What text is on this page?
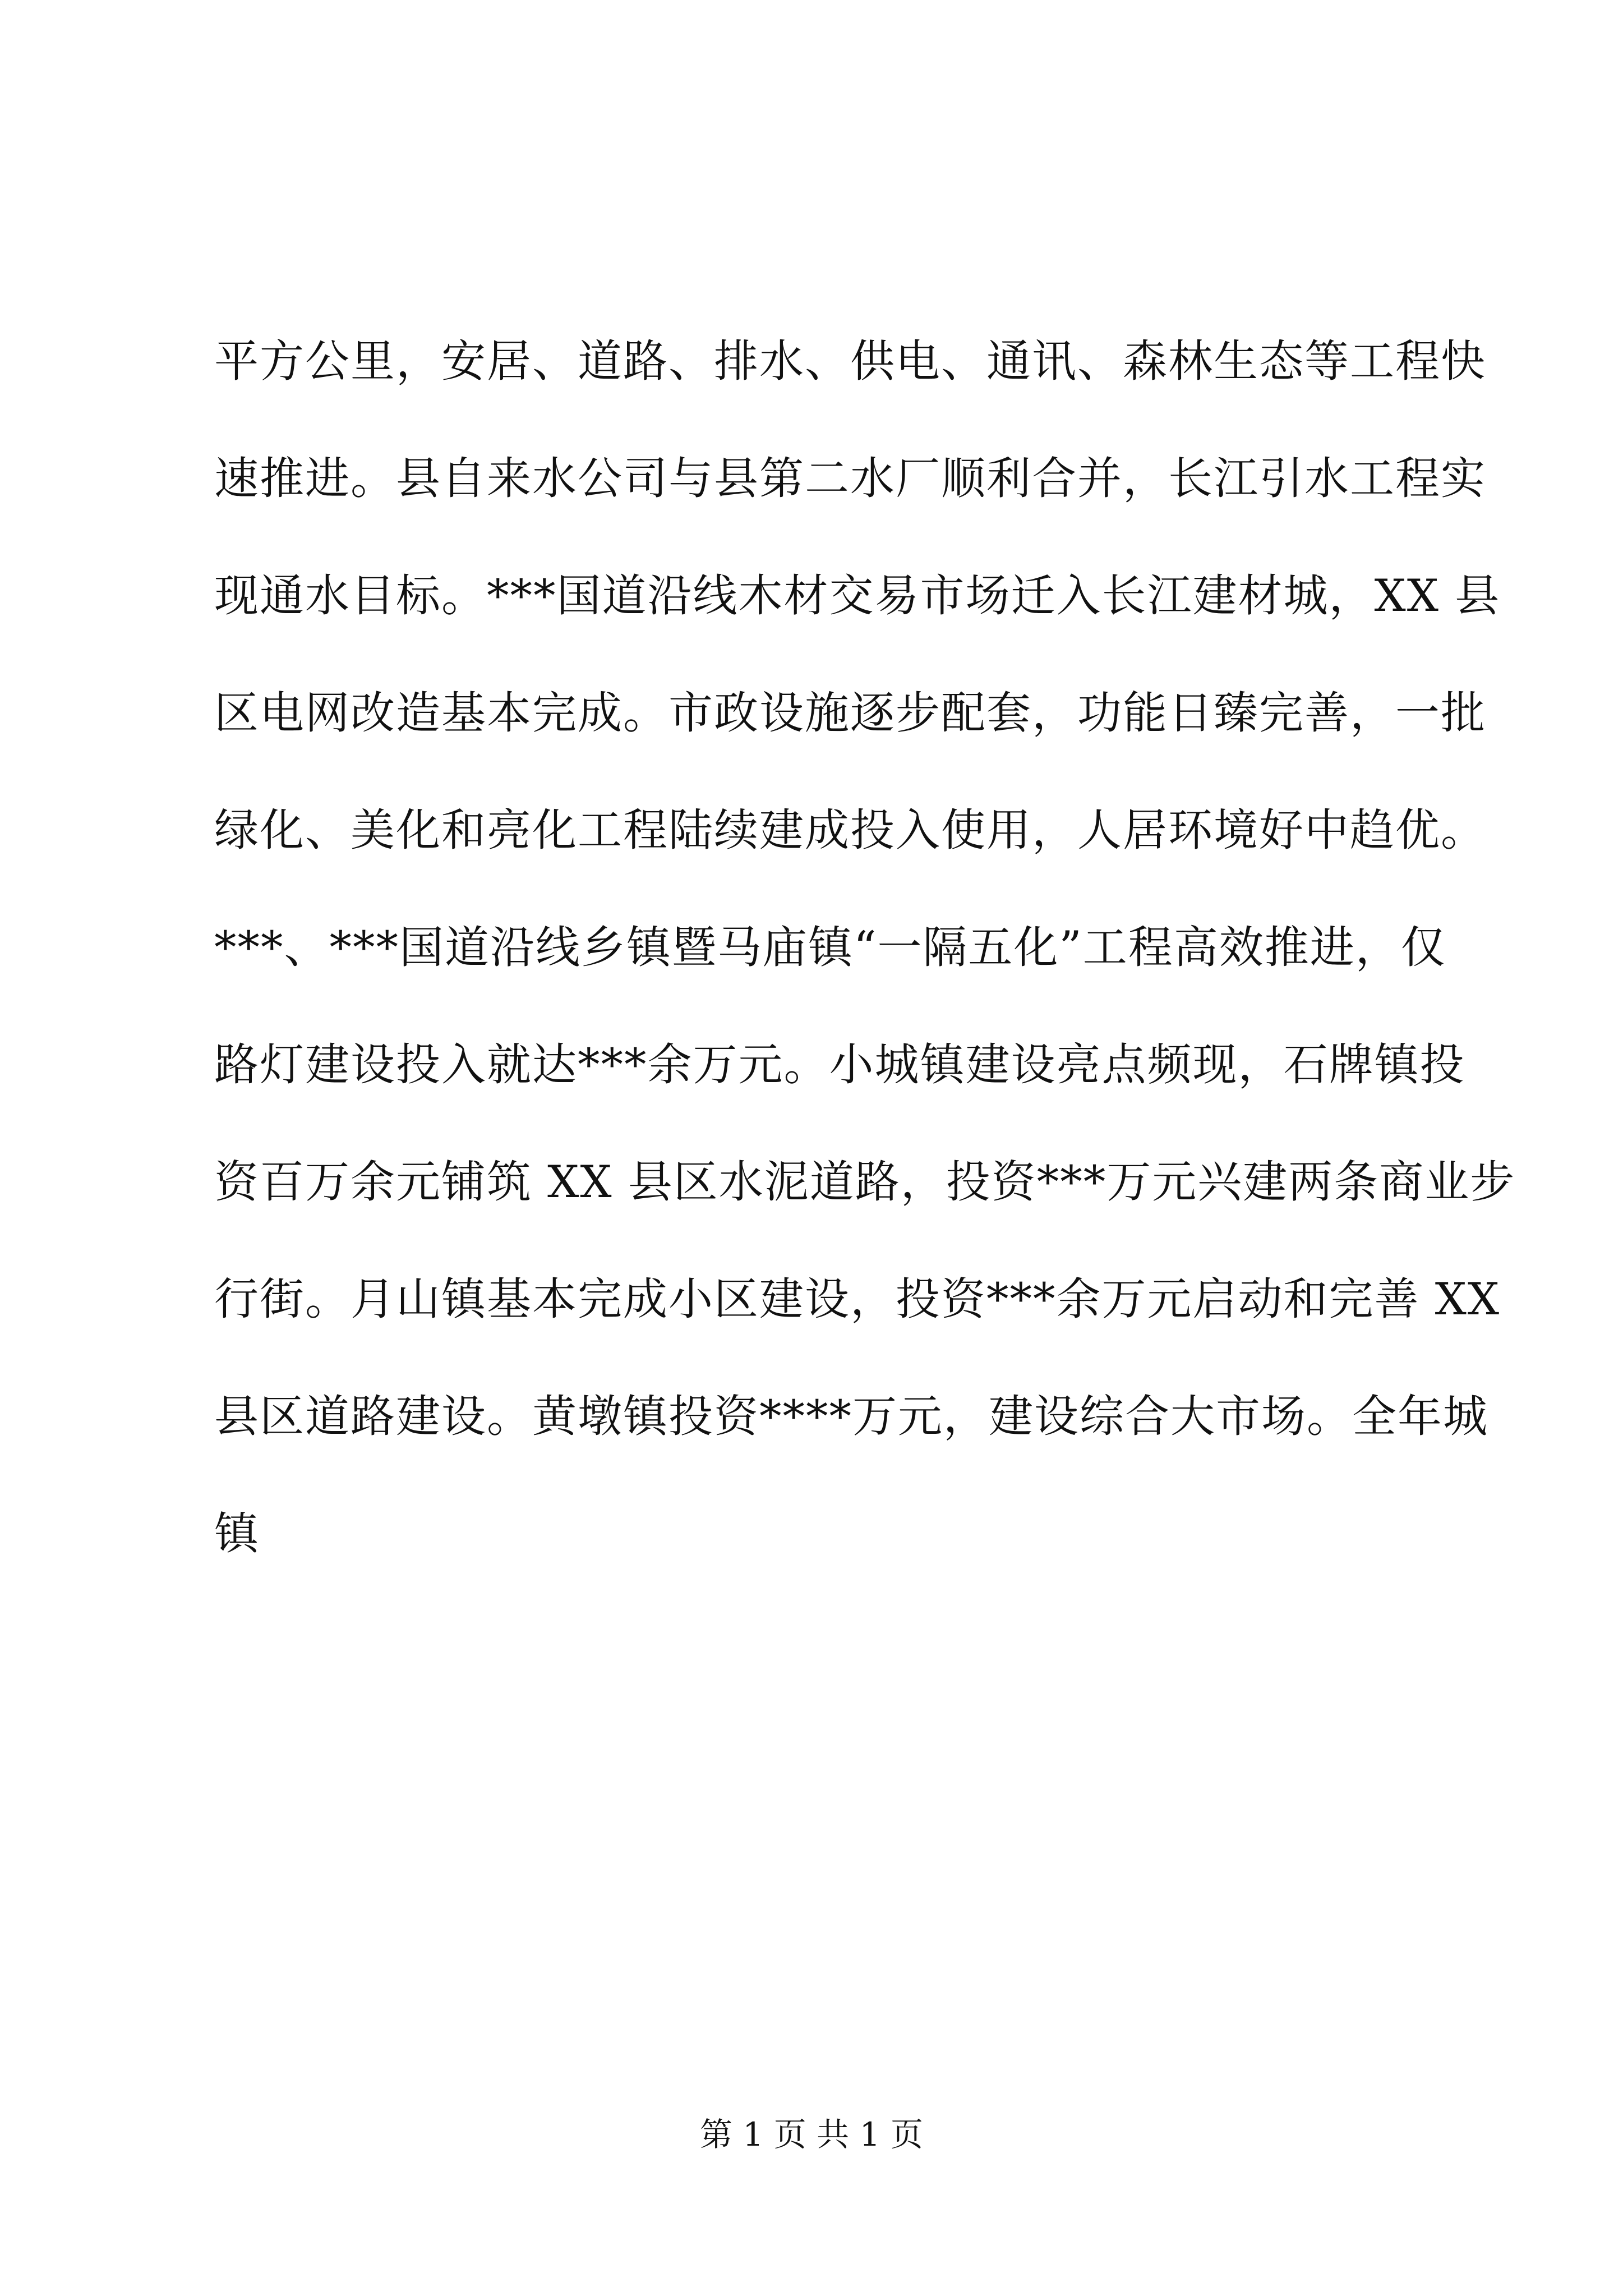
平方公里，安居、道路、排水、供电、通讯、森林生态等工程快
速推进。县自来水公司与县第二水厂顺利合并，长江引水工程实
现通水目标。***国道沿线木材交易市场迁入长江建材城，XX 县
区电网改造基本完成。市政设施逐步配套，功能日臻完善，一批
绿化、美化和亮化工程陆续建成投入使用，人居环境好中趋优。
***、***国道沿线乡镇暨马庙镇“一隔五化”工程高效推进，仅
路灯建设投入就达***余万元。小城镇建设亮点频现，石牌镇投
资百万余元铺筑 XX 县区水泥道路，投资***万元兴建两条商业步
行街。月山镇基本完成小区建设，投资***余万元启动和完善 XX
县区道路建设。黄墩镇投资****万元，建设综合大市场。全年城
镇
第 1 页 共 1 页
